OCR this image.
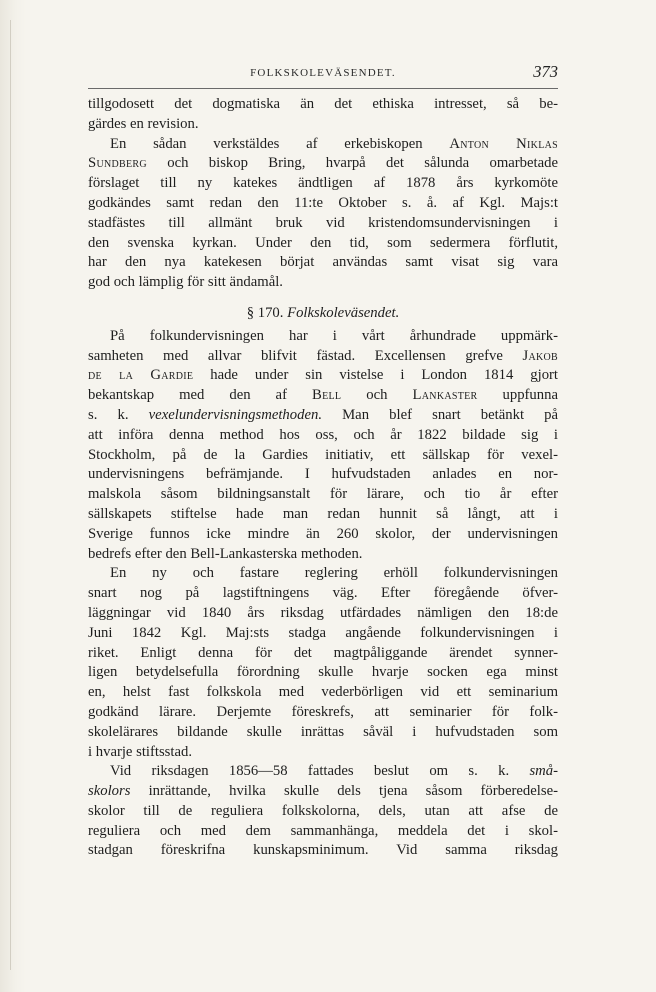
FOLKSKOLEVÄSENDET.	373

tillgodosett det dogmatiska än det ethiska intresset, så be-

gärdes en revision.

En sådan verkstäldes af erkebiskopen Anton Niklas

Sundberg och biskop Bring, hvarpå det sålunda omarbetade

förslaget till ny katekes ändtligen af 1878 års kyrkomöte

godkändes samt redan den 11:te Oktober s. å. af Kgl. Majs:t

stadfästes till allmänt bruk vid kristendomsundervisningen i

den svenska kyrkan. Under den tid, som sedermera förflutit,

har den nya katekesen börjat användas samt visat sig vara

god och lämplig för sitt ändamål.

§ 170. Folkskoleväsendet.

På folkundervisningen har i vårt århundrade uppmärk-

samheten med allvar blifvit fästad. Excellensen grefve Jakob

de la Gardie hade under sin vistelse i London 1814 gjort

bekantskap med den af Bell och Lankaster uppfunna

s. k. vexelundervisningsmethoden. Man blef snart betänkt på

att införa denna method hos oss, och år 1822 bildade sig i

Stockholm, på de la Gardies initiativ, ett sällskap för vexel-

undervisningens befrämjande. I hufvudstaden anlades en nor-

malskola såsom bildningsanstalt för lärare, och tio år efter

sällskapets stiftelse hade man redan hunnit så långt, att i

Sverige funnos icke mindre än 260 skolor, der undervisningen

bedrefs efter den Bell-Lankasterska methoden.

En ny och fastare reglering erhöll folkundervisningen

snart nog på lagstiftningens väg. Efter föregående öfver-

läggningar vid 1840 års riksdag utfärdades nämligen den 18:de

Juni 1842 Kgl. Maj:sts stadga angående folkundervisningen i

riket. Enligt denna för det magtpåliggande ärendet synner-

ligen betydelsefulla förordning skulle hvarje socken ega minst

en, helst fast folkskola med vederbörligen vid ett seminarium

godkänd lärare. Derjemte föreskrefs, att seminarier för folk-

skolelärares bildande skulle inrättas såväl i hufvudstaden som

i hvarje stiftsstad.

Vid riksdagen 1856—58 fattades beslut om s. k. små-

skolors inrättande, hvilka skulle dels tjena såsom förberedelse-

skolor till de reguliera folkskolorna, dels, utan att afse de

reguliera och med dem sammanhänga, meddela det i skol-

stadgan föreskrifna kunskapsminimum. Vid samma riksdag
